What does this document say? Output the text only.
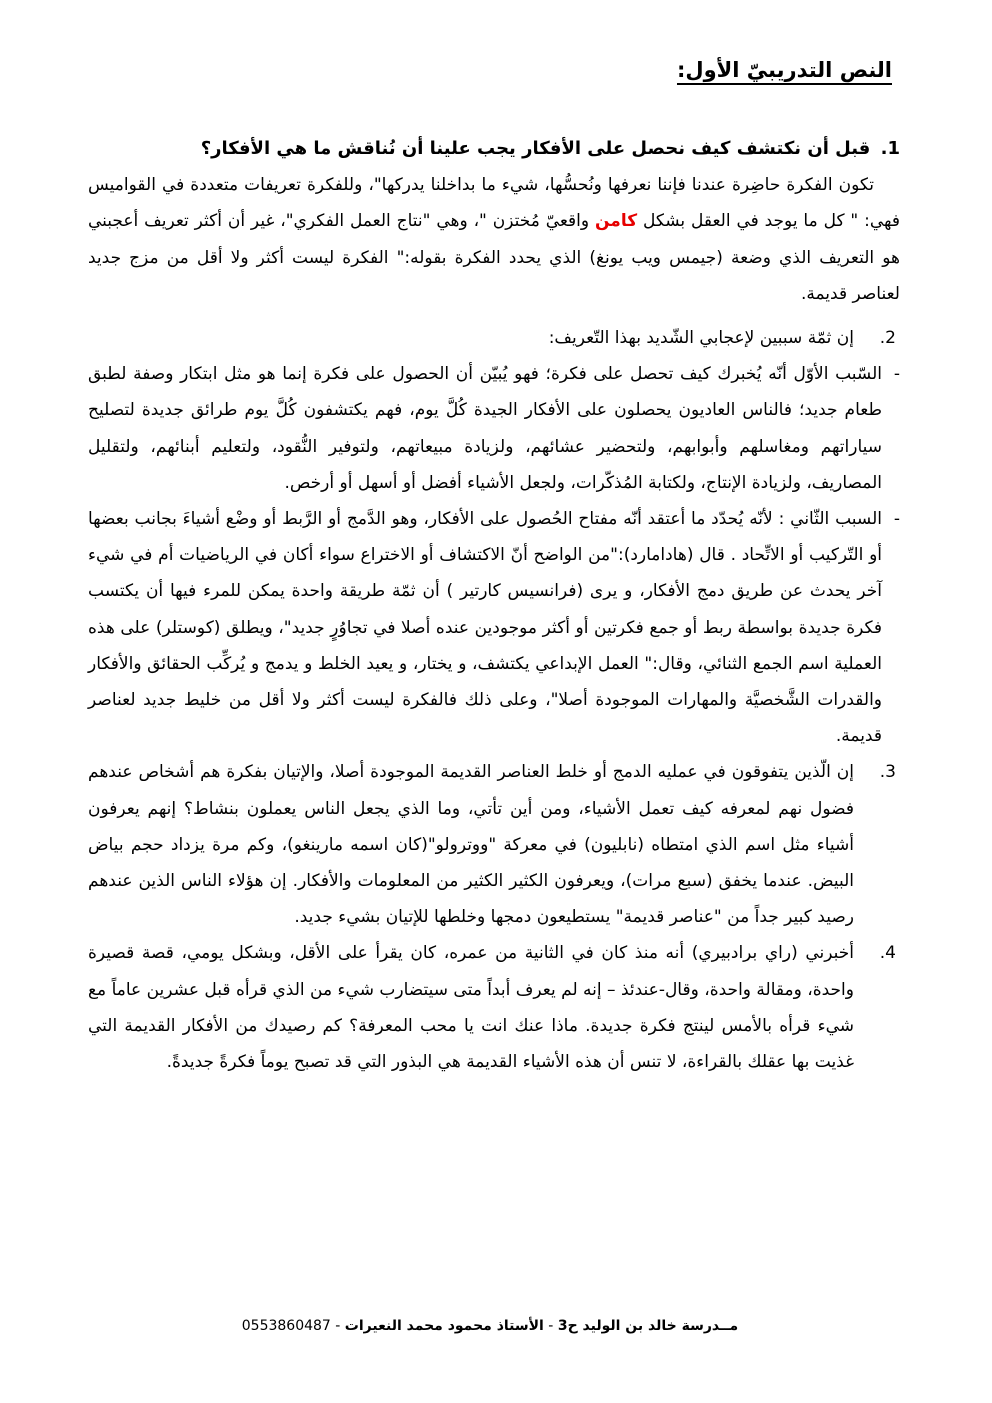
النص التدريبيّ الأول:

1. قبل أن نكتشف كيف نحصل على الأفكار يجب علينا أن نُناقش ما هي الأفكار؟

تكون الفكرة حاضِرة عندنا فإننا نعرفها ونُحسُّها، شيء ما بداخلنا يدركها"، وللفكرة تعريفات متعددة في القواميس فهي: " كل ما يوجد في العقل بشكل كامن واقعيّ مُختزن "، وهي "نتاج العمل الفكري"، غير أن أكثر تعريف أعجبني هو التعريف الذي وضعة (جيمس ويب يونغ) الذي يحدد الفكرة بقوله:" الفكرة ليست أكثر ولا أقل من مزج جديد لعناصر قديمة.

2.
إن ثمّة سببين لإعجابي الشّديد بهذا التّعريف:

-السّبب الأوّل أنّه يُخبرك كيف تحصل على فكرة؛ فهو يُبيّن أن الحصول على فكرة إنما هو مثل ابتكار وصفة لطبق طعام جديد؛ فالناس العاديون يحصلون على الأفكار الجيدة كُلَّ يوم، فهم يكتشفون كُلَّ يوم طرائق جديدة لتصليح سياراتهم ومغاسلهم وأبوابهم، ولتحضير عشائهم، ولزيادة مبيعاتهم، ولتوفير النُّقود، ولتعليم أبنائهم، ولتقليل المصاريف، ولزيادة الإنتاج، ولكتابة المُذكّرات، ولجعل الأشياء أفضل أو أسهل أو أرخص.

-السبب الثّاني : لأنّه يُحدّد ما أعتقد أنّه مفتاح الحُصول على الأفكار، وهو الدَّمج أو الرَّبط أو وضْع أشياءَ بجانب بعضها أو التّركيب أو الاتِّحاد . قال (هادامارد):"من الواضح أنّ الاكتشاف أو الاختراع سواء أكان في الرياضيات أم في شيء آخر يحدث عن طريق دمج الأفكار، و يرى (فرانسيس كارتير ) أن ثمّة طريقة واحدة يمكن للمرء فيها أن يكتسب فكرة جديدة بواسطة ربط أو جمع فكرتين أو أكثر موجودين عنده أصلا في تجاوُرٍ جديد"، ويطلق (كوستلر) على هذه العملية اسم الجمع الثنائي، وقال:" العمل الإبداعي يكتشف، و يختار، و يعيد الخلط و يدمج و يُركِّب الحقائق والأفكار والقدرات الشَّخصيَّة والمهارات الموجودة أصلا"، وعلى ذلك فالفكرة ليست أكثر ولا أقل من خليط جديد لعناصر قديمة.

3.
إن الّذين يتفوقون في عمليه الدمج أو خلط العناصر القديمة الموجودة أصلا، والإتيان بفكرة هم أشخاص عندهم فضول نهم لمعرفه كيف تعمل الأشياء، ومن أين تأتي، وما الذي يجعل الناس يعملون بنشاط؟ إنهم يعرفون أشياء مثل اسم الذي امتطاه (نابليون) في معركة "ووترولو"(كان اسمه مارينغو)، وكم مرة يزداد حجم بياض البيض. عندما يخفق (سبع مرات)، ويعرفون الكثير الكثير من المعلومات والأفكار. إن هؤلاء الناس الذين عندهم رصيد كبير جداً من "عناصر قديمة" يستطيعون دمجها وخلطها للإتيان بشيء جديد.
4.
أخبرني (راي برادبيري) أنه منذ كان في الثانية من عمره، كان يقرأ على الأقل، وبشكل يومي، قصة قصيرة واحدة، ومقالة واحدة، وقال-عندئذ – إنه لم يعرف أبداً متى سيتضارب شيء من الذي قرأه قبل عشرين عاماً مع شيء قرأه بالأمس لينتج فكرة جديدة. ماذا عنك انت يا محب المعرفة؟ كم رصيدك من الأفكار القديمة التي غذيت بها عقلك بالقراءة، لا تنس أن هذه الأشياء القديمة هي البذور التي قد تصبح يوماً فكرةً جديدةً.
مــدرسة خالد بن الوليد ح3 - الأستاذ محمود محمد النعيرات - 0553860487
